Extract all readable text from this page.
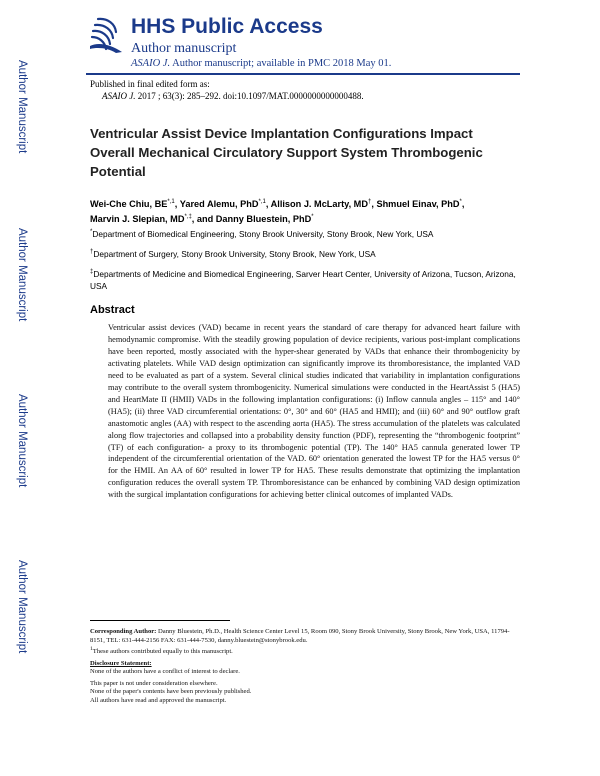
Author Manuscript
Author Manuscript
Author Manuscript
Author Manuscript
HHS Public Access
Author manuscript
ASAIO J. Author manuscript; available in PMC 2018 May 01.
Published in final edited form as:
ASAIO J. 2017 ; 63(3): 285–292. doi:10.1097/MAT.0000000000000488.
Ventricular Assist Device Implantation Configurations Impact Overall Mechanical Circulatory Support System Thrombogenic Potential
Wei-Che Chiu, $BE^{*,1}$, Yared Alemu, PhD$^{*,1}$, Allison J. McLarty, MD†, Shmuel Einav, PhD*,
Marvin J. Slepian, MD*,‡, and Danny Bluestein, PhD*
*Department of Biomedical Engineering, Stony Brook University, Stony Brook, New York, USA
†Department of Surgery, Stony Brook University, Stony Brook, New York, USA
‡Departments of Medicine and Biomedical Engineering, Sarver Heart Center, University of Arizona, Tucson, Arizona, USA
Abstract
Ventricular assist devices (VAD) became in recent years the standard of care therapy for advanced heart failure with hemodynamic compromise. With the steadily growing population of device recipients, various post-implant complications have been reported, mostly associated with the hyper-shear generated by VADs that enhance their thrombogenicity by activating platelets. While VAD design optimization can significantly improve its thromboresistance, the implanted VAD need to be evaluated as part of a system. Several clinical studies indicated that variability in implantation configurations may contribute to the overall system thrombogenicity. Numerical simulations were conducted in the HeartAssist 5 (HA5) and HeartMate II (HMII) VADs in the following implantation configurations: (i) Inflow cannula angles – 115° and 140° (HA5); (ii) three VAD circumferential orientations: 0°, 30° and 60° (HA5 and HMII); and (iii) 60° and 90° outflow graft anastomotic angles (AA) with respect to the ascending aorta (HA5). The stress accumulation of the platelets was calculated along flow trajectories and collapsed into a probability density function (PDF), representing the “thrombogenic footprint” (TF) of each configuration- a proxy to its thrombogenic potential (TP). The 140° HA5 cannula generated lower TP independent of the circumferential orientation of the VAD. 60° orientation generated the lowest TP for the HA5 versus 0° for the HMII. An AA of 60° resulted in lower TP for HA5. These results demonstrate that optimizing the implantation configuration reduces the overall system TP. Thromboresistance can be enhanced by combining VAD design optimization with the surgical implantation configurations for achieving better clinical outcomes of implanted VADs.

Corresponding Author: Danny Bluestein, Ph.D., Health Science Center Level 15, Room 090, Stony Brook University, Stony Brook, New York, USA, 11794-8151, TEL: 631-444-2156 FAX: 631-444-7530, danny.bluestein@stonybrook.edu.

$^1$These authors contributed equally to this manuscript.

Disclosure Statement:

None of the authors have a conflict of interest to declare.

This paper is not under consideration elsewhere.

None of the paper's contents have been previously published.

All authors have read and approved the manuscript.
